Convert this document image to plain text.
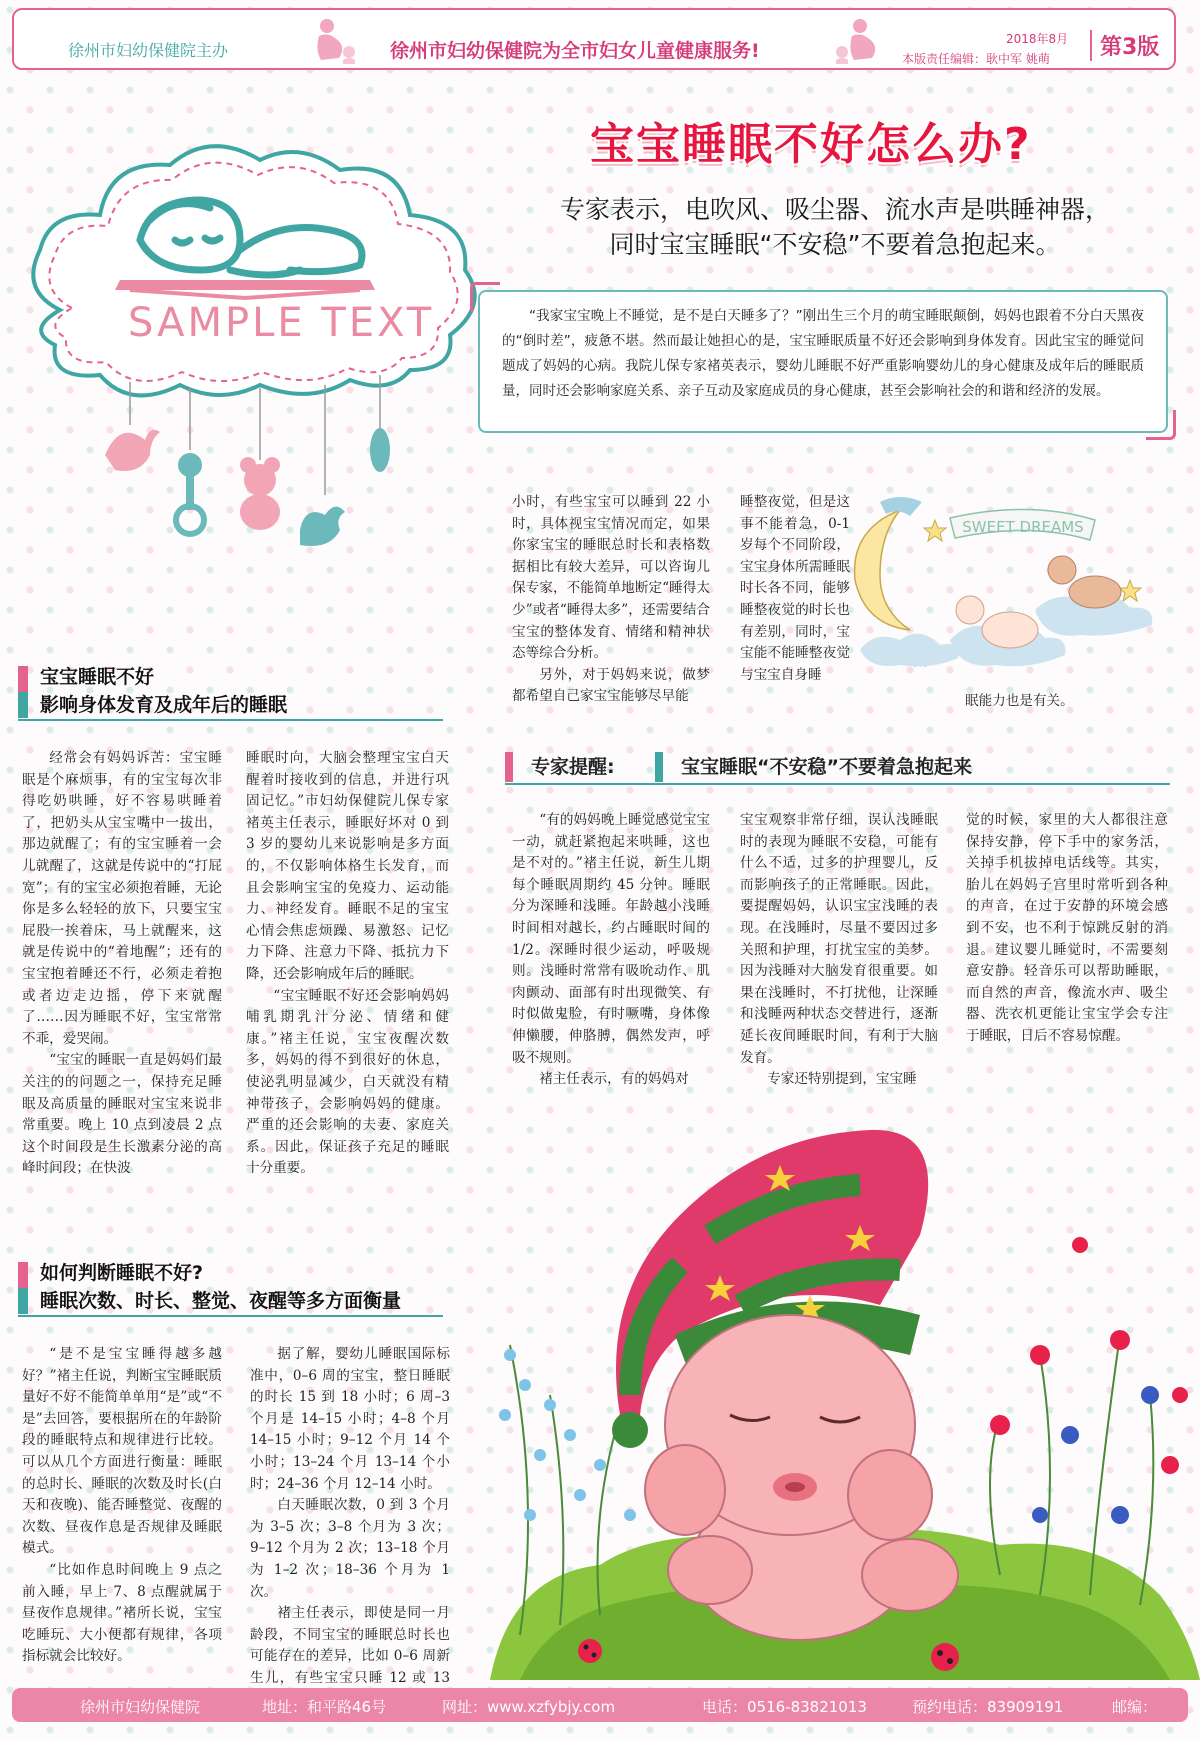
徐州市妇幼保健院主办	徐州市妇幼保健院为全市妇女儿童健康服务!
2018年8月
本版责任编辑：耿中军 姚萌	第3版
SAMPLE TEXT
宝宝睡眠不好怎么办?
专家表示，电吹风、吸尘器、流水声是哄睡神器，
同时宝宝睡眠“不安稳”不要着急抱起来。

“我家宝宝晚上不睡觉，是不是白天睡多了？”刚出生三个月的萌宝睡眠颠倒，妈妈也跟着不分白天黑夜的“倒时差”，疲惫不堪。然而最让她担心的是，宝宝睡眠质量不好还会影响到身体发育。因此宝宝的睡觉问题成了妈妈的心病。我院儿保专家褚英表示，婴幼儿睡眠不好严重影响婴幼儿的身心健康及成年后的睡眠质量，同时还会影响家庭关系、亲子互动及家庭成员的身心健康，甚至会影响社会的和谐和经济的发展。

小时，有些宝宝可以睡到 22 小时，具体视宝宝情况而定，如果你家宝宝的睡眠总时长和表格数据相比有较大差异，可以咨询儿保专家，不能简单地断定“睡得太少”或者“睡得太多”，还需要结合宝宝的整体发育、情绪和精神状态等综合分析。

另外，对于妈妈来说，做梦都希望自己家宝宝能够尽早能

睡整夜觉，但是这事不能着急，0-1岁每个不同阶段，宝宝身体所需睡眠时长各不同，能够睡整夜觉的时长也有差别，同时，宝宝能不能睡整夜觉与宝宝自身睡

眠能力也是有关。

SWEET DREAMS
宝宝睡眠不好
影响身体发育及成年后的睡眠

经常会有妈妈诉苦：宝宝睡眠是个麻烦事，有的宝宝每次非得吃奶哄睡，好不容易哄睡着了，把奶头从宝宝嘴中一拔出，那边就醒了；有的宝宝睡着一会儿就醒了，这就是传说中的“打屁宽”；有的宝宝必须抱着睡，无论你是多么轻轻的放下，只要宝宝屁股一挨着床，马上就醒来，这就是传说中的“着地醒”；还有的宝宝抱着睡还不行，必须走着抱或者边走边摇，停下来就醒了……因为睡眠不好，宝宝常常不乖，爱哭闹。

“宝宝的睡眠一直是妈妈们最关注的的问题之一，保持充足睡眠及高质量的睡眠对宝宝来说非常重要。晚上 10 点到凌晨 2 点这个时间段是生长激素分泌的高峰时间段；在快波

睡眠时向，大脑会整理宝宝白天醒着时接收到的信息，并进行巩固记忆。”市妇幼保健院儿保专家褚英主任表示，睡眠好坏对 0 到 3 岁的婴幼儿来说影响是多方面的，不仅影响体格生长发育，而且会影响宝宝的免疫力、运动能力、神经发育。睡眠不足的宝宝心情会焦虑烦躁、易激怒、记忆力下降、注意力下降、抵抗力下降，还会影响成年后的睡眠。

“宝宝睡眠不好还会影响妈妈哺乳期乳汁分泌、情绪和健康。”褚主任说，宝宝夜醒次数多，妈妈的得不到很好的休息，使泌乳明显减少，白天就没有精神带孩子，会影响妈妈的健康。严重的还会影响的夫妻、家庭关系。因此，保证孩子充足的睡眠十分重要。

专家提醒:	宝宝睡眠“不安稳”不要着急抱起来

“有的妈妈晚上睡觉感觉宝宝一动，就赶紧抱起来哄睡，这也是不对的。”褚主任说，新生儿期每个睡眠周期约 45 分钟。睡眠分为深睡和浅睡。年龄越小浅睡时间相对越长，约占睡眠时间的 1/2。深睡时很少运动，呼吸规则。浅睡时常常有吸吮动作、肌肉颤动、面部有时出现微笑、有时似做鬼脸，有时噘嘴，身体像伸懒腰，伸胳膊，偶然发声，呼吸不规则。

褚主任表示，有的妈妈对

宝宝观察非常仔细，误认浅睡眠时的表现为睡眠不安稳，可能有什么不适，过多的护理婴儿，反而影响孩子的正常睡眠。因此，要提醒妈妈，认识宝宝浅睡的表现。在浅睡时，尽量不要因过多关照和护理，打扰宝宝的美梦。因为浅睡对大脑发育很重要。如果在浅睡时，不打扰他，让深睡和浅睡两种状态交替进行，逐渐延长夜间睡眠时间，有利于大脑发育。

专家还特别提到，宝宝睡

觉的时候，家里的大人都很注意保持安静，停下手中的家务活，关掉手机拔掉电话线等。其实，胎儿在妈妈子宫里时常听到各种的声音，在过于安静的环境会感到不安，也不利于惊跳反射的消退。建议婴儿睡觉时，不需要刻意安静。轻音乐可以帮助睡眠，而自然的声音，像流水声、吸尘器、洗衣机更能让宝宝学会专注于睡眠，日后不容易惊醒。

如何判断睡眠不好?
睡眠次数、时长、整觉、夜醒等多方面衡量

“是不是宝宝睡得越多越好？”褚主任说，判断宝宝睡眠质量好不好不能简单单用“是”或“不是”去回答，要根据所在的年龄阶段的睡眠特点和规律进行比较。可以从几个方面进行衡量：睡眠的总时长、睡眠的次数及时长(白天和夜晚)、能否睡整觉、夜醒的次数、昼夜作息是否规律及睡眠模式。

“比如作息时间晚上 9 点之前入睡，早上 7、8 点醒就属于昼夜作息规律。”褚所长说，宝宝吃睡玩、大小便都有规律，各项指标就会比较好。

据了解，婴幼儿睡眠国际标准中，0–6 周的宝宝，整日睡眠的时长 15 到 18 小时；6 周–3 个月是 14–15 小时；4–8 个月 14–15 小时；9–12 个月 14 个小时；13–24 个月 13–14 个小时；24–36 个月 12–14 小时。

白天睡眠次数，0 到 3 个月为 3–5 次；3–8 个月为 3 次；9–12 个月为 2 次；13–18 个月为 1–2 次；18–36 个月为 1 次。

褚主任表示，即使是同一月龄段，不同宝宝的睡眠总时长也可能存在的差异，比如 0–6 周新生儿，有些宝宝只睡 12 或 13

徐州市妇幼保健院	地址：和平路46号	网址：www.xzfybjy.com	电话：0516-83821013	预约电话：83909191	邮编：
